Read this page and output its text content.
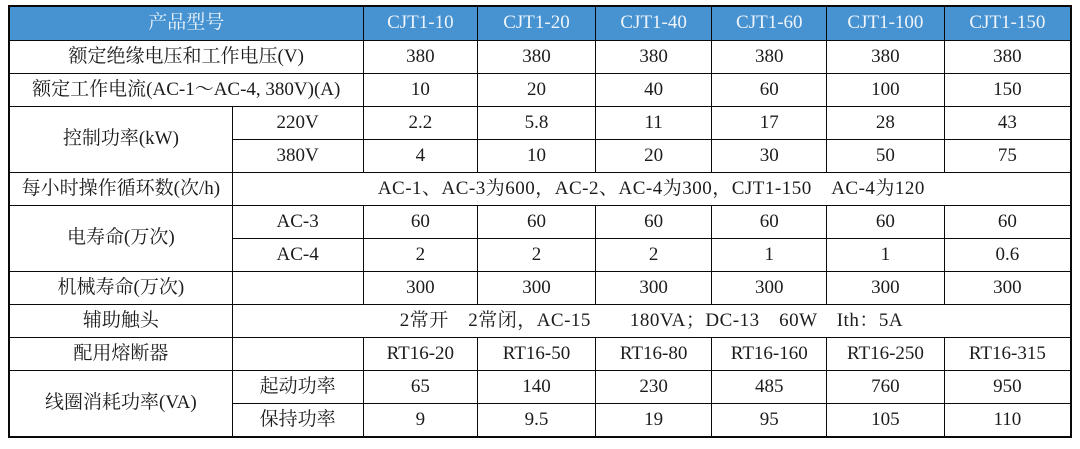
产品型号		CJT1-10	CJT1-20	CJT1-40	CJT1-60	CJT1-100	CJT1-150
额定绝缘电压和工作电压(V)		380	380	380	380	380	380
额定工作电流(AC-1～AC-4, 380V)(A)		10	20	40	60	100	150
控制功率(kW)	220V	2.2	5.8	11	17	28	43
	380V	4	10	20	30	50	75
每小时操作循环数(次/h)	AC-1、AC-3为600，AC-2、AC-4为300，CJT1-150　AC-4为120						
电寿命(万次)	AC-3	60	60	60	60	60	60
	AC-4	2	2	2	1	1	0.6
机械寿命(万次)		300	300	300	300	300	300
辅助触头	2常开　2常闭，AC-15　　180VA；DC-13　60W　Ith：5A						
配用熔断器		RT16-20	RT16-50	RT16-80	RT16-160	RT16-250	RT16-315
线圈消耗功率(VA)	起动功率	65	140	230	485	760	950
	保持功率	9	9.5	19	95	105	110
